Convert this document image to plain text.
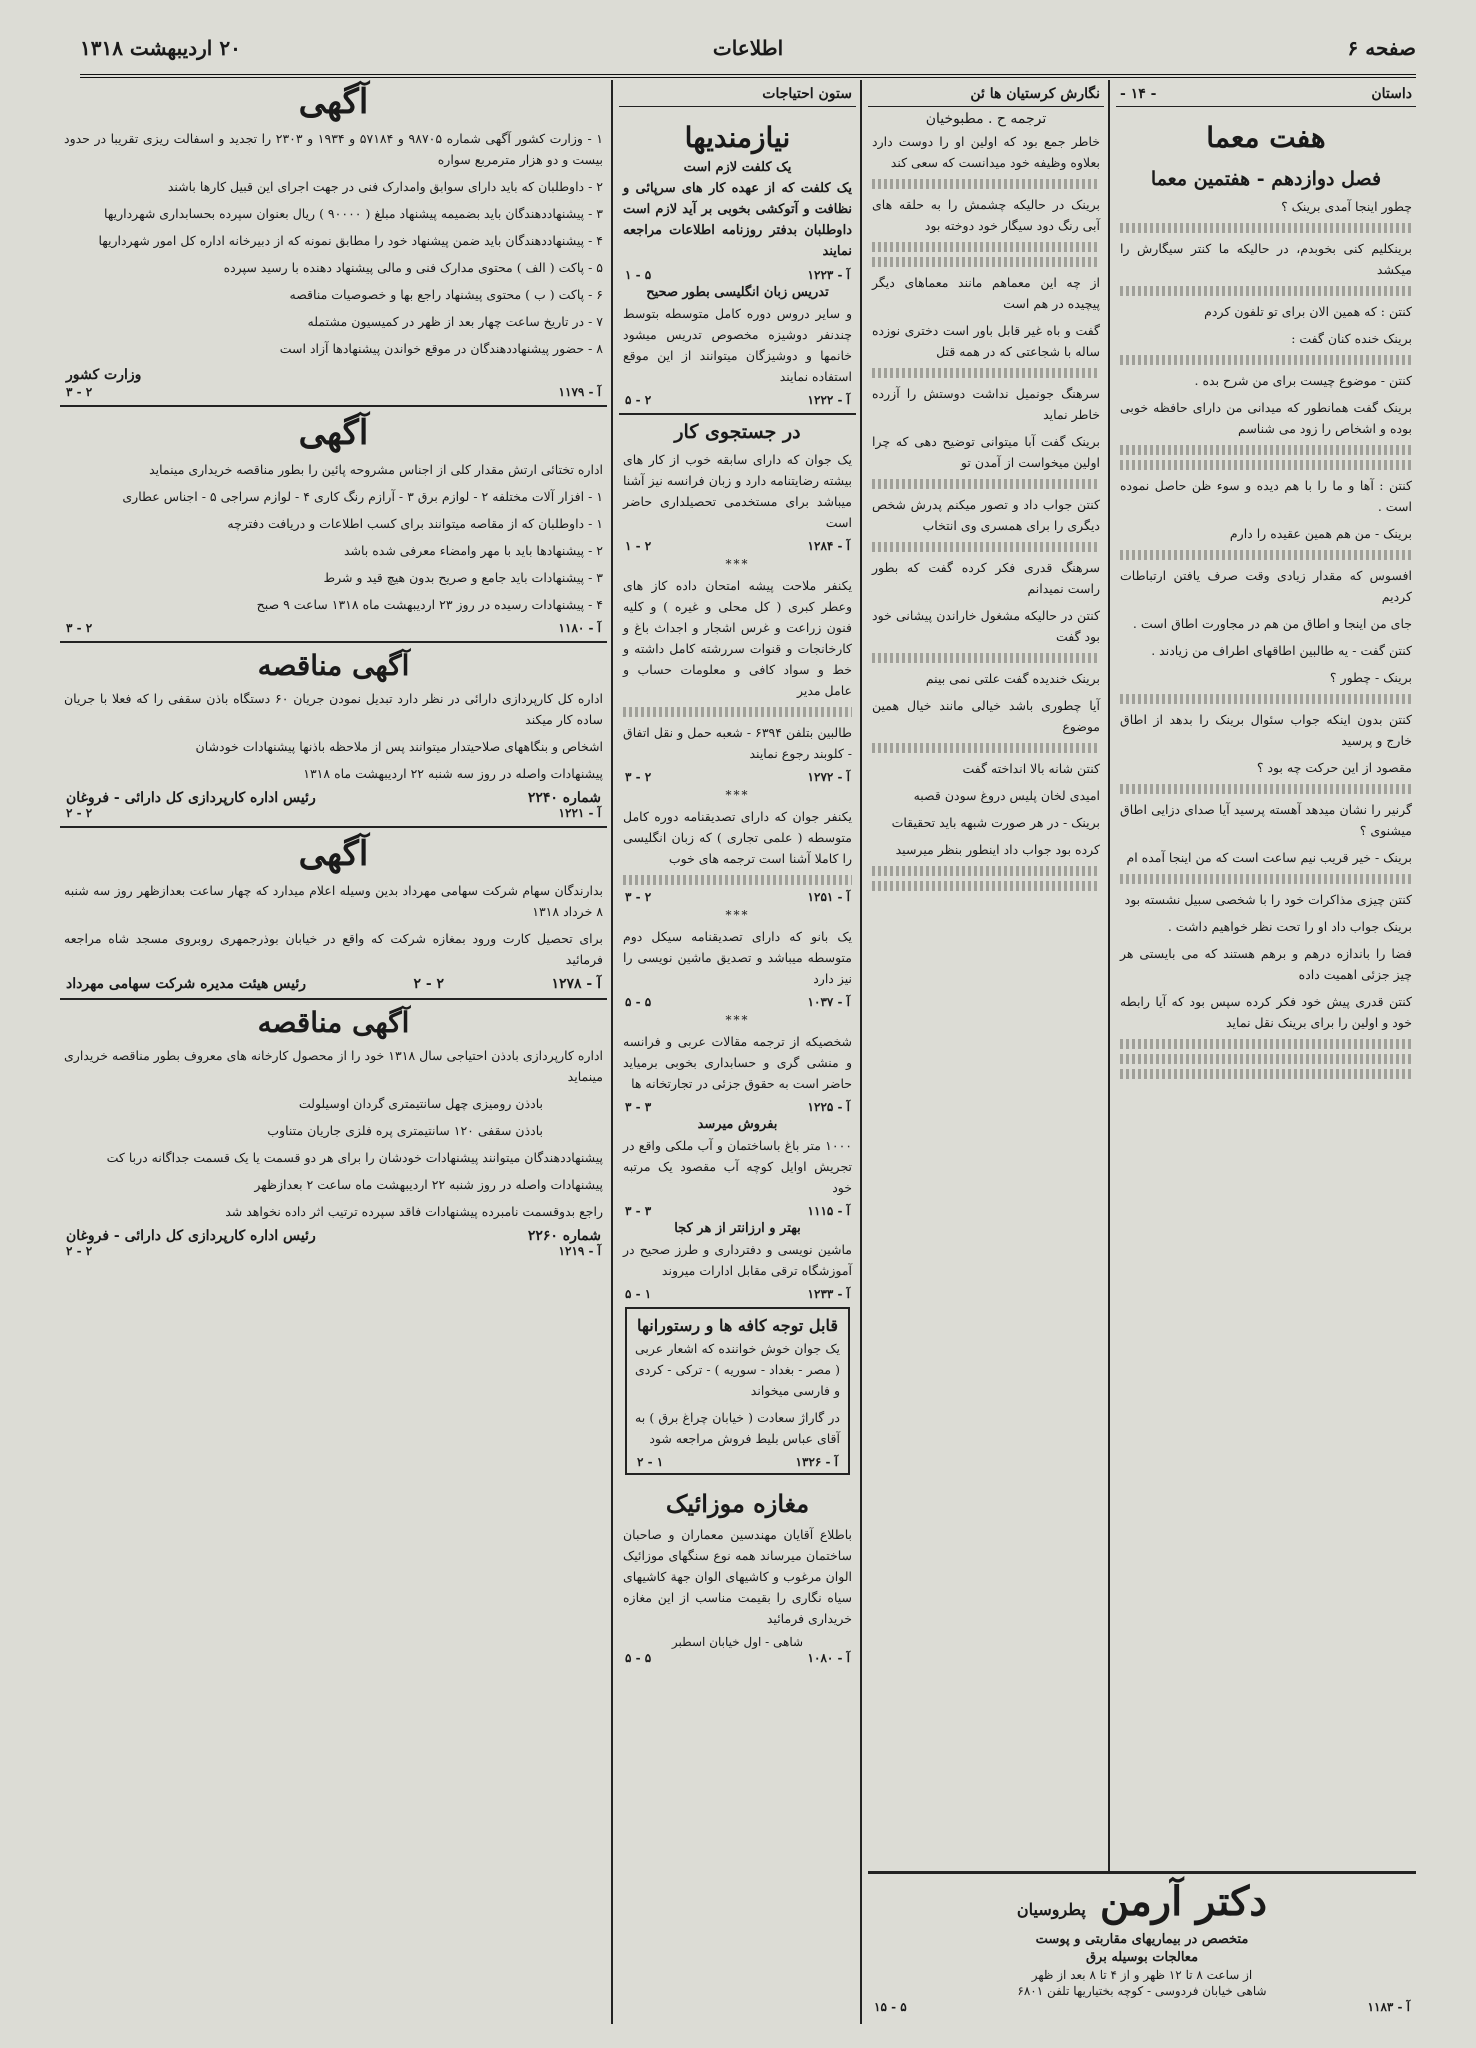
صفحه ۶
اطلاعات
۲۰ اردیبهشت ۱۳۱۸
داستان
- ۱۴ -
هفت معما
فصل دوازدهم - هفتمین معما

چطور اینجا آمدی برینک ؟

برینکلیم کنی بخوبدم، در حالیکه ما کنتر سیگارش را میکشد

کنتن : که همین الان برای تو تلفون کردم

برینک خنده کنان گفت :

کنتن - موضوع چیست برای من شرح بده .

برینک گفت همانطور که میدانی من دارای حافظه خوبی بوده و اشخاص را زود می شناسم

کنتن : آها و ما را با هم دیده و سوء ظن حاصل نموده است .

برینک - من هم همین عقیده را دارم

افسوس که مقدار زیادی وقت صرف یافتن ارتباطات کردیم

جای من اینجا و اطاق من هم در مجاورت اطاق است .

کنتن گفت - یه طالبین اطاقهای اطراف من زیادند .

برینک - چطور ؟

کنتن بدون اینکه جواب سئوال برینک را بدهد از اطاق خارج و پرسید

مقصود از این حرکت چه بود ؟

گرنیر را نشان میدهد آهسته پرسید آیا صدای دزایی اطاق میشنوی ؟

برینک - خیر قریب نیم ساعت است که من اینجا آمده ام

کنتن چیزی مذاکرات خود را با شخصی سبیل نشسته بود

برینک جواب داد او را تحت نظر خواهیم داشت .

فضا را باندازه درهم و برهم هستند که می بایستی هر چیز جزئی اهمیت داده

کنتن قدری پیش خود فکر کرده سپس بود که آیا رابطه خود و اولین را برای برینک نقل نماید

نگارش کرستیان ها ئن
ترجمه ح . مطبوخیان

خاطر جمع بود که اولین او را دوست دارد بعلاوه وظیفه خود میدانست که سعی کند

برینک در حالیکه چشمش را به حلقه های آبی رنگ دود سیگار خود دوخته بود

از چه این معماهم مانند معماهای دیگر پیچیده در هم است

گفت و باه غیر قابل باور است دختری نوزده ساله با شجاعتی که در همه قتل

سرهنگ جونمیل نداشت دوستش را آزرده خاطر نماید

برینک گفت آبا میتوانی توضیح دهی که چرا اولین میخواست از آمدن تو

کنتن جواب داد و تصور میکنم پدرش شخص دیگری را برای همسری وی انتخاب

سرهنگ قدری فکر کرده گفت که بطور راست نمیدانم

کنتن در حالیکه مشغول خاراندن پیشانی خود بود گفت

برینک خندیده گفت علتی نمی بینم

آیا چطوری باشد خیالی مانند خیال همین موضوع

کنتن شانه بالا انداخته گفت

امیدی لخان پلیس دروغ سودن قصبه

برینک - در هر صورت شبهه باید تحقیقات

کرده بود جواب داد اینطور بنظر میرسید

دکتر آرمن
پطروسیان
متخصص در بیماریهای مقاربتی و پوست
معالجات بوسیله برق
از ساعت ۸ تا ۱۲ ظهر و از ۴ تا ۸ بعد از ظهر
شاهی خیابان فردوسی - کوچه بختیاریها تلفن ۶۸۰۱
آ - ۱۱۸۳
۵ - ۱۵
ستون احتیاجات
نیازمندیها
یک کلفت لازم است

یک کلفت که از عهده کار های سرپائی و نظافت و آتوکشی بخوبی بر آید لازم است داوطلبان بدفتر روزنامه اطلاعات مراجعه نمایند

آ - ۱۲۲۳
۵ - ۱
تدریس زبان انگلیسی بطور صحیح

و سایر دروس دوره کامل متوسطه بتوسط چندنفر دوشیزه مخصوص تدریس میشود خانمها و دوشیزگان میتوانند از این موقع استفاده نمایند

آ - ۱۲۲۲
۲ - ۵
در جستجوی کار

یک جوان که دارای سابقه خوب از کار های بیشته رضایتنامه دارد و زبان فرانسه نیز آشنا میباشد برای مستخدمی تحصیلداری حاضر است

آ - ۱۲۸۴
۲ - ۱
***

یکنفر ملاحت پیشه امتحان داده کاز های وعطر کبری ( کل محلی و غیره ) و کلیه فنون زراعت و غرس اشجار و اجداث باغ و کارخانجات و قنوات سررشته کامل داشته و خط و سواد کافی و معلومات حساب و عامل مدیر

طالبین بتلفن ۶۳۹۴ - شعبه حمل و نقل اتفاق - کلوبند رجوع نمایند

آ - ۱۲۷۲
۲ - ۳
***

یکنفر جوان که دارای تصدیقنامه دوره کامل متوسطه ( علمی تجاری ) که زبان انگلیسی را کاملا آشنا است ترجمه های خوب

آ - ۱۲۵۱
۲ - ۳
***

یک بانو که دارای تصدیقنامه سیکل دوم متوسطه میباشد و تصدیق ماشین نویسی را نیز دارد

آ - ۱۰۳۷
۵ - ۵
***

شخصیکه از ترجمه مقالات عربی و فرانسه و منشی گری و حسابداری بخوبی برمیاید حاضر است به حقوق جزئی در تجارتخانه ها

آ - ۱۲۲۵
۳ - ۳
بفروش میرسد

۱۰۰۰ متر باغ باساختمان و آب ملکی واقع در تجریش اوایل کوچه آب مقصود یک مرتبه خود

آ - ۱۱۱۵
۳ - ۳
بهتر و ارزانتر از هر کجا

ماشین نویسی و دفترداری و طرز صحیح در آموزشگاه ترقی مقابل ادارات میروند

آ - ۱۲۳۳
۱ - ۵
قابل توجه کافه ها و رستورانها

یک جوان خوش خواننده که اشعار عربی ( مصر - بغداد - سوریه ) - ترکی - کردی و فارسی میخواند

در گاراژ سعادت ( خیابان چراغ برق ) به آقای عباس بلیط فروش مراجعه شود

آ - ۱۳۲۶
۱ - ۲
مغازه موزائیک

باطلاع آقایان مهندسین معماران و صاحبان ساختمان میرساند همه نوع سنگهای موزائیک الوان مرغوب و کاشیهای الوان جهة کاشیهای سیاه نگاری را بقیمت مناسب از این مغازه خریداری فرمائید

شاهی - اول خیابان اسطبر
آ - ۱۰۸۰
۵ - ۵
آگهی

۱ - وزارت کشور آگهی شماره ۹۸۷۰۵ و ۵۷۱۸۴ و ۱۹۳۴ و ۲۳۰۳ را تجدید و اسفالت ریزی تقریبا در حدود بیست و دو هزار مترمربع سواره

۲ - داوطلبان که باید دارای سوابق وامدارک فنی در جهت اجرای این قبیل کارها باشند

۳ - پیشنهاددهندگان باید بضمیمه پیشنهاد مبلغ ( ۹۰۰۰۰ ) ریال بعنوان سپرده بحسابداری شهرداریها

۴ - پیشنهاددهندگان باید ضمن پیشنهاد خود را مطابق نمونه که از دبیرخانه اداره کل امور شهرداریها

۵ - پاکت ( الف ) محتوی مدارک فنی و مالی پیشنهاد دهنده با رسید سپرده

۶ - پاکت ( ب ) محتوی پیشنهاد راجع بها و خصوصیات مناقصه

۷ - در تاریخ ساعت چهار بعد از ظهر در کمیسیون مشتمله

۸ - حضور پیشنهاددهندگان در موقع خواندن پیشنهادها آزاد است

وزارت کشور
آ - ۱۱۷۹
۲ - ۳
آگهی

اداره تختائی ارتش مقدار کلی از اجناس مشروحه پائین را بطور مناقصه خریداری مینماید

۱ - افزار آلات مختلفه ۲ - لوازم برق ۳ - آرازم رنگ کاری ۴ - لوازم سراجی ۵ - اجناس عطاری

۱ - داوطلبان که از مقاصه میتوانند برای کسب اطلاعات و دریافت دفترچه

۲ - پیشنهادها باید با مهر وامضاء معرفی شده باشد

۳ - پیشنهادات باید جامع و صریح بدون هیچ قید و شرط

۴ - پیشنهادات رسیده در روز ۲۳ اردیبهشت ماه ۱۳۱۸ ساعت ۹ صبح

آ - ۱۱۸۰
۲ - ۳
آگهی مناقصه

اداره کل کارپردازی دارائی در نظر دارد تبدیل نمودن جریان ۶۰ دستگاه باذن سقفی را که فعلا با جریان ساده کار میکند

اشخاص و بنگاههای صلاحیتدار میتوانند پس از ملاحظه باذنها پیشنهادات خودشان

پیشنهادات واصله در روز سه شنبه ۲۲ اردیبهشت ماه ۱۳۱۸

شماره ۲۲۴۰
رئیس اداره کارپردازی کل دارائی - فروغان
آ - ۱۲۲۱
۲ - ۲
آگهی

بدارندگان سهام شرکت سهامی مهرداد بدین وسیله اعلام میدارد که چهار ساعت بعدازظهر روز سه شنبه ۸ خرداد ۱۳۱۸

برای تحصیل کارت ورود بمغازه شرکت که واقع در خیابان بوذرجمهری روبروی مسجد شاه مراجعه فرمائید

آ - ۱۲۷۸
۲ - ۲
رئیس هیئت مدیره شرکت سهامی مهرداد
آگهی مناقصه

اداره کارپردازی بادذن احتیاجی سال ۱۳۱۸ خود را از محصول کارخانه های معروف بطور مناقصه خریداری مینماید

بادذن رومیزی چهل سانتیمتری گردان اوسیلولت

بادذن سقفی ۱۲۰ سانتیمتری پره فلزی جاریان متناوب

پیشنهاددهندگان میتوانند پیشنهادات خودشان را برای هر دو قسمت یا یک قسمت جداگانه دربا کت

پیشنهادات واصله در روز شنبه ۲۲ اردیبهشت ماه ساعت ۲ بعدازظهر

راجع بدوقسمت نامبرده پیشنهادات فاقد سپرده ترتیب اثر داده نخواهد شد

شماره ۲۲۶۰
رئیس اداره کارپردازی کل دارائی - فروغان
آ - ۱۲۱۹
۲ - ۲
